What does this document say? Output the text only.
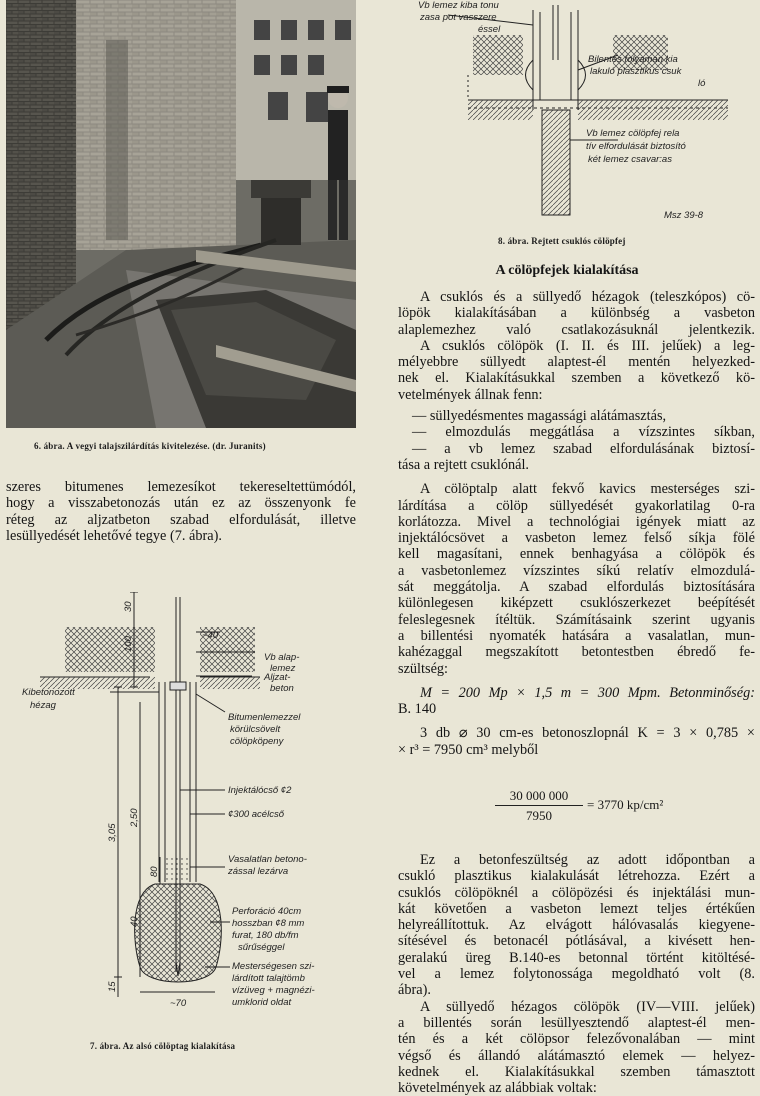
6. ábra. A vegyi talajszilárdítás kivitelezése. (dr. Juranits)
szeres bitumenes lemezesíkot tekereseltettümódól,
hogy a visszabetonozás után ez az összenyonk fe
réteg az aljzatbeton szabad elfordulását, illetve
lesüllyedését lehetővé tegye (7. ábra).
~40
Vb alap-
lemez
Aljzat-
beton
Kibetonozott
hézag
Bitumenlemezzel
körülcsövelt
cölöpköpeny
Injektálócső ¢2
¢300 acélcső
Vasalatlan betono-
zással lezárva
Perforáció 40cm
hosszban ¢8 mm
furat, 180 db/fm
sűrűséggel
Mesterségesen szi-
lárdított talajtömb
vízüveg + magnézi-
umklorid oldat
~70
100
30
3,05
2,50
80
40
15
7. ábra. Az alsó cölöptag kialakítása
Vb lemez kiba tonu
zasa pot vasszere
éssel
Bilentes folyaman kia
lakuló plasztikus csuk
ló
Vb lemez cölöpfej rela
tív elfordulását biztosító
két lemez csavar:as
Msz 39-8
8. ábra. Rejtett csuklós cölöpfej
A cölöpfejek kialakítása
A csuklós és a süllyedő hézagok (teleszkópos) cö-
löpök kialakításában a különbség a vasbeton
alaplemezhez való csatlakozásuknál jelentkezik.
A csuklós cölöpök (I. II. és III. jelűek) a leg-
mélyebbre süllyedt alaptest-él mentén helyezked-
nek el. Kialakításukkal szemben a következő kö-
vetelmények állnak fenn:
— süllyedésmentes magassági alátámasztás,
— elmozdulás meggátlása a vízszintes síkban,
— a vb lemez szabad elfordulásának biztosí-
tása a rejtett csuklónál.
A cölöptalp alatt fekvő kavics mesterséges szi-
lárdítása a cölöp süllyedését gyakorlatilag 0-ra
korlátozza. Mivel a technológiai igények miatt az
injektálócsövet a vasbeton lemez felső síkja fölé
kell magasítani, ennek benhagyása a cölöpök és
a vasbetonlemez vízszintes síkú relatív elmozdulá-
sát meggátolja. A szabad elfordulás biztosítására
különlegesen kiképzett csuklószerkezet beépítését
feleslegesnek ítéltük. Számításaink szerint ugyanis
a billentési nyomaték hatására a vasalatlan, mun-
kahézaggal megszakított betontestben ébredő fe-
szültség:
M = 200 Mp × 1,5 m = 300 Mpm. Betonminőség:
B. 140
3 db ⌀ 30 cm-es betonoszlopnál K = 3 × 0,785 ×
× r³ = 7950 cm³ melyből
30 000 000
7950
= 3770 kp/cm²
Ez a betonfeszültség az adott időpontban a
csukló plasztikus kialakulását létrehozza. Ezért a
csuklós cölöpöknél a cölöpözési és injektálási mun-
kát követően a vasbeton lemezt teljes értékűen
helyreállítottuk. Az elvágott hálóvasalás kiegyene-
sítésével és betonacél pótlásával, a kivésett hen-
geralakú üreg B.140-es betonnal történt kitöltésé-
vel a lemez folytonossága megoldható volt (8.
ábra).
A süllyedő hézagos cölöpök (IV—VIII. jelűek)
a billentés során lesüllyesztendő alaptest-él men-
tén és a két cölöpsor felezővonalában — mint
végső és állandó alátámasztó elemek — helyez-
kednek el. Kialakításukkal szemben támasztott
követelmények az alábbiak voltak:
